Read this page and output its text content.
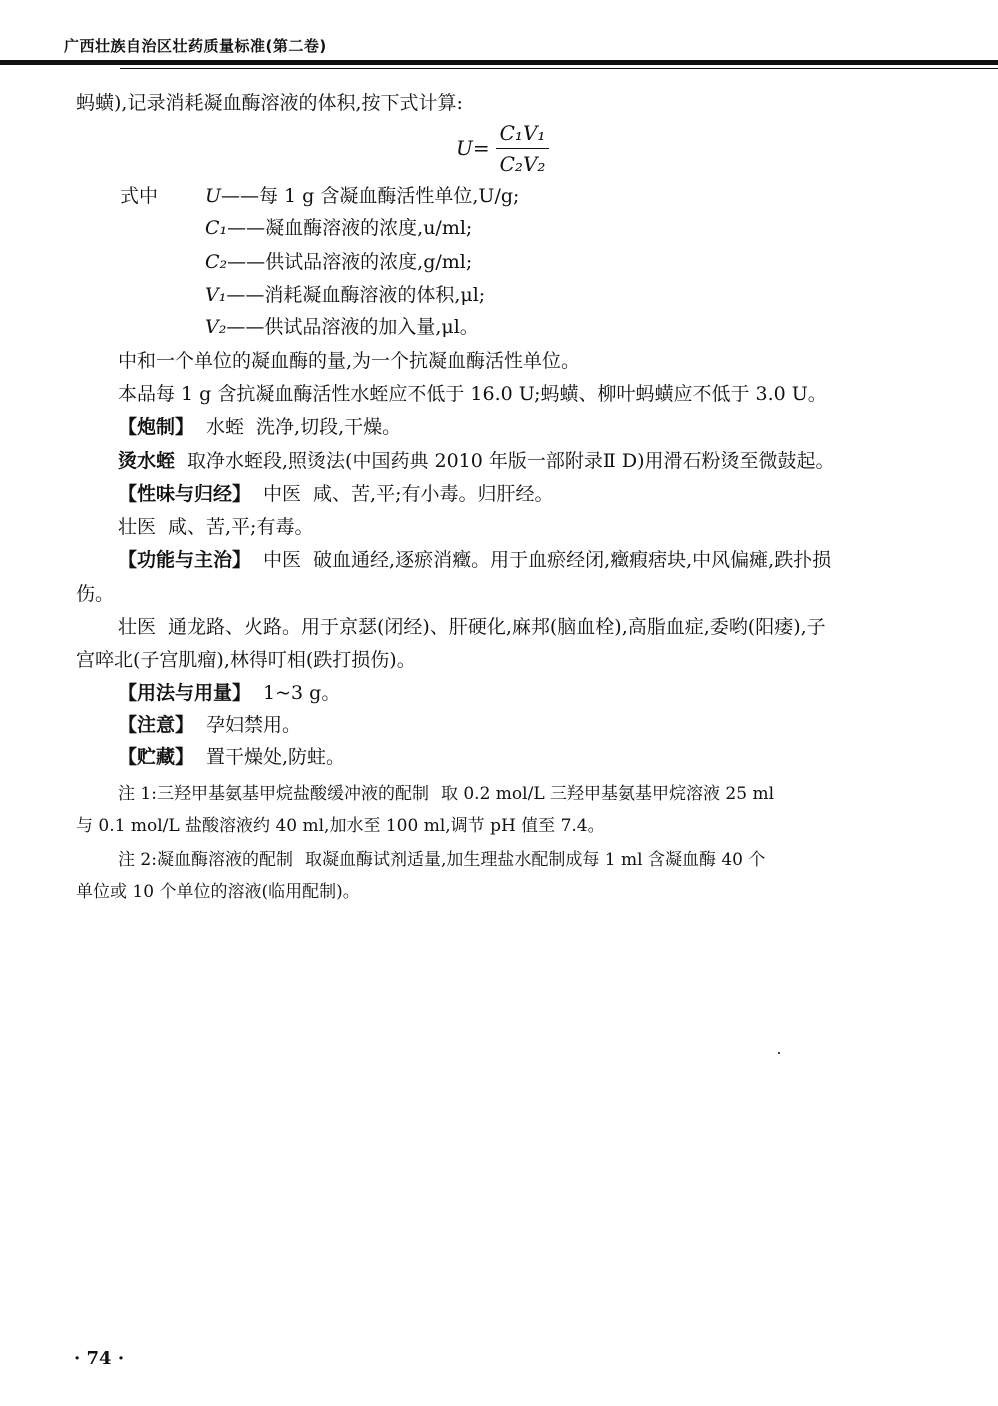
广西壮族自治区壮药质量标准(第二卷)
蚂蟥),记录消耗凝血酶溶液的体积,按下式计算:
$U= \frac{\text{C₁V₁}}{\text{C₂V₂}}$
式中 U——每 1 g 含凝血酶活性单位,U/g;
C₁——凝血酶溶液的浓度,u/ml;
C₂——供试品溶液的浓度,g/ml;
V₁——消耗凝血酶溶液的体积,μl;
V₂——供试品溶液的加入量,μl。
中和一个单位的凝血酶的量,为一个抗凝血酶活性单位。
本品每 1 g 含抗凝血酶活性水蛭应不低于 16.0 U;蚂蟥、柳叶蚂蟥应不低于 3.0 U。
【炮制】 水蛭 洗净,切段,干燥。
烫水蛭 取净水蛭段,照烫法(中国药典 2010 年版一部附录Ⅱ D)用滑石粉烫至微鼓起。
【性味与归经】 中医 咸、苦,平;有小毒。归肝经。
壮医 咸、苦,平;有毒。
【功能与主治】 中医 破血通经,逐瘀消癥。用于血瘀经闭,癥瘕痞块,中风偏瘫,跌扑损
伤。
壮医 通龙路、火路。用于京瑟(闭经)、肝硬化,麻邦(脑血栓),高脂血症,委哟(阳痿),子
宫啐北(子宫肌瘤),林得叮相(跌打损伤)。
【用法与用量】 1~3 g。
【注意】 孕妇禁用。
【贮藏】 置干燥处,防蛀。
注 1:三羟甲基氨基甲烷盐酸缓冲液的配制 取 0.2 mol/L 三羟甲基氨基甲烷溶液 25 ml
与 0.1 mol/L 盐酸溶液约 40 ml,加水至 100 ml,调节 pH 值至 7.4。
注 2:凝血酶溶液的配制 取凝血酶试剂适量,加生理盐水配制成每 1 ml 含凝血酶 40 个
单位或 10 个单位的溶液(临用配制)。
· 74 ·
